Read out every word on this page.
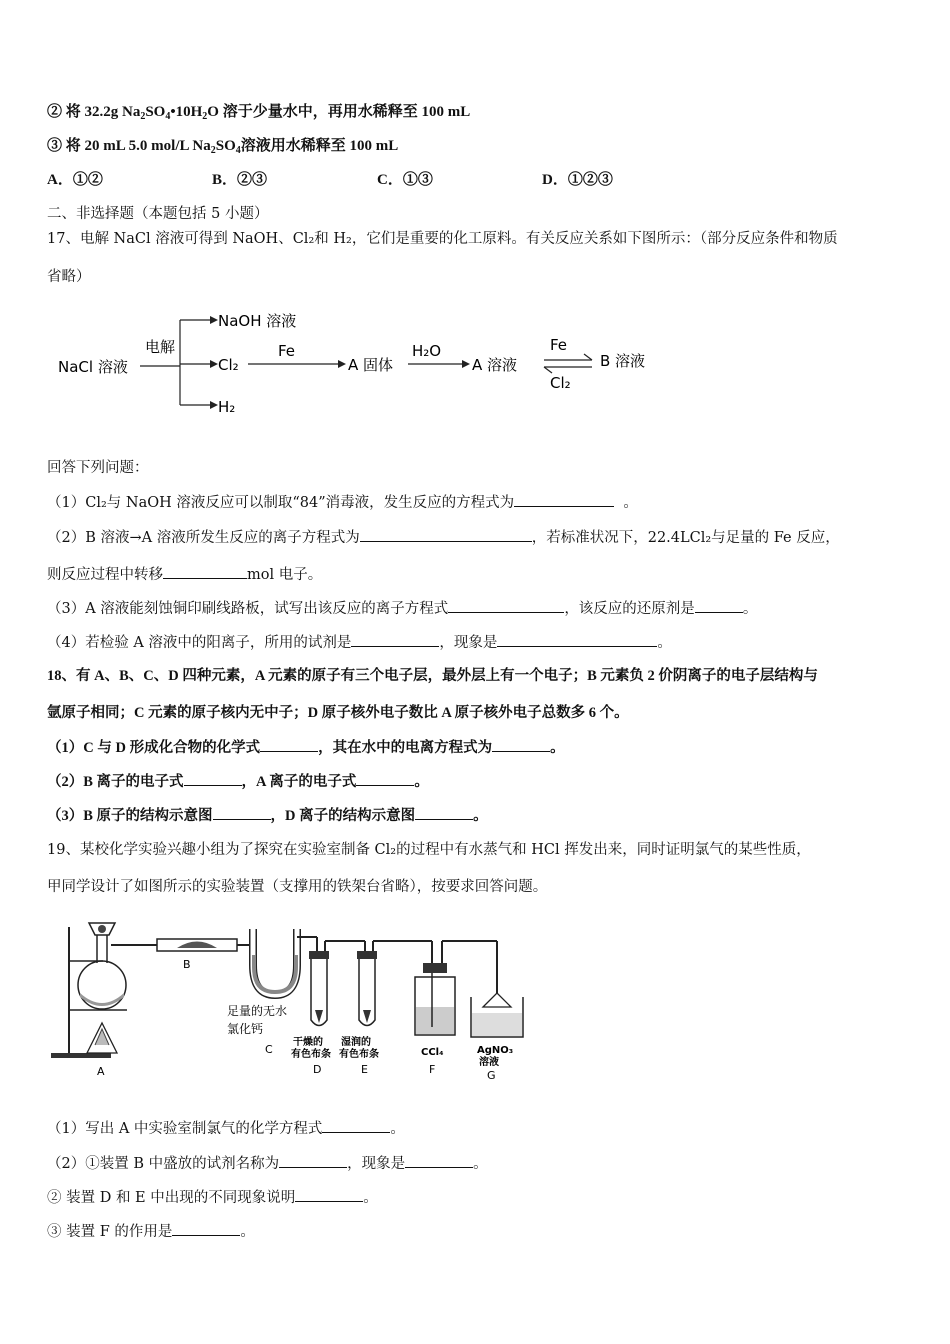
② 将 32.2g $Na_2SO_4•10H_2O$ 溶于少量水中，再用水稀释至 100 mL
③ 将 20 mL 5.0 mol/L $Na_2SO_4$溶液用水稀释至 100 mL
A．①②	B．②③	C．①③	D．①②③
二、非选择题（本题包括 5 小题）
17、电解 NaCl 溶液可得到 NaOH、Cl₂和 H₂，它们是重要的化工原料。有关反应关系如下图所示：（部分反应条件和物质
省略）
NaCl 溶液
电解
NaOH 溶液
Cl₂
H₂
Fe
A 固体
H₂O
A 溶液
Fe
Cl₂
B 溶液
回答下列问题：
（1）Cl₂与 NaOH 溶液反应可以制取“84”消毒液，发生反应的方程式为	。
（2）B 溶液→A 溶液所发生反应的离子方程式为	，若标准状况下，22.4LCl₂与足量的 Fe 反应，
则反应过程中转移	mol 电子。
（3）A 溶液能刻蚀铜印刷线路板，试写出该反应的离子方程式	，该反应的还原剂是	。
（4）若检验 A 溶液中的阳离子，所用的试剂是	，现象是	。
18、有 A、B、C、D 四种元素，A 元素的原子有三个电子层，最外层上有一个电子；B 元素负 2 价阴离子的电子层结构与
氩原子相同；C 元素的原子核内无中子；D 原子核外电子数比 A 原子核外电子总数多 6 个。
（1）C 与 D 形成化合物的化学式	，其在水中的电离方程式为	。
（2）B 离子的电子式	，A 离子的电子式	。
（3）B 原子的结构示意图	，D 离子的结构示意图	。
19、某校化学实验兴趣小组为了探究在实验室制备 Cl₂的过程中有水蒸气和 HCl 挥发出来，同时证明氯气的某些性质，
甲同学设计了如图所示的实验装置（支撑用的铁架台省略），按要求回答问题。
A
B
足量的无水
氯化钙
C
干燥的
有色布条
D
湿润的
有色布条
E
CCl₄
F
AgNO₃
溶液
G
（1）写出 A 中实验室制氯气的化学方程式	。
（2）①装置 B 中盛放的试剂名称为	，现象是	。
② 装置 D 和 E 中出现的不同现象说明	。
③ 装置 F 的作用是	。
